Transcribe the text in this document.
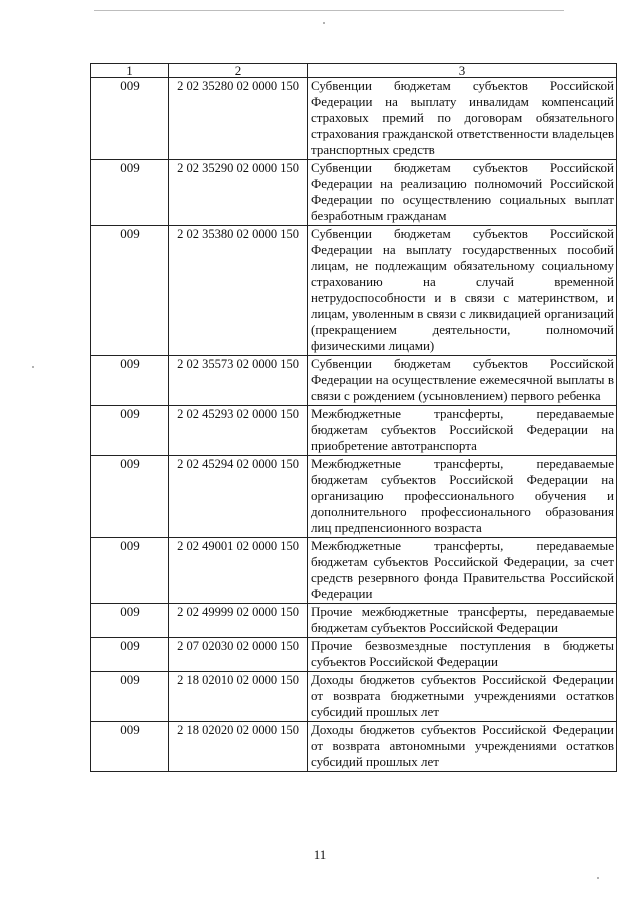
1	2	3
009	2 02 35280 02 0000 150	Субвенции бюджетам субъектов Российской Федерации на выплату инвалидам компенсаций страховых премий по договорам обязательного страхования гражданской ответственности владельцев транспортных средств
009	2 02 35290 02 0000 150	Субвенции бюджетам субъектов Российской Федерации на реализацию полномочий Российской Федерации по осуществлению социальных выплат безработным гражданам
009	2 02 35380 02 0000 150	Субвенции бюджетам субъектов Российской Федерации на выплату государственных пособий лицам, не подлежащим обязательному социальному страхованию на случай временной нетрудоспособности и в связи с материнством, и лицам, уволенным в связи с ликвидацией организаций (прекращением деятельности, полномочий физическими лицами)
009	2 02 35573 02 0000 150	Субвенции бюджетам субъектов Российской Федерации на осуществление ежемесячной выплаты в связи с рождением (усыновлением) первого ребенка
009	2 02 45293 02 0000 150	Межбюджетные трансферты, передаваемые бюджетам субъектов Российской Федерации на приобретение автотранспорта
009	2 02 45294 02 0000 150	Межбюджетные трансферты, передаваемые бюджетам субъектов Российской Федерации на организацию профессионального обучения и дополнительного профессионального образования лиц предпенсионного возраста
009	2 02 49001 02 0000 150	Межбюджетные трансферты, передаваемые бюджетам субъектов Российской Федерации, за счет средств резервного фонда Правительства Российской Федерации
009	2 02 49999 02 0000 150	Прочие межбюджетные трансферты, передаваемые бюджетам субъектов Российской Федерации
009	2 07 02030 02 0000 150	Прочие безвозмездные поступления в бюджеты субъектов Российской Федерации
009	2 18 02010 02 0000 150	Доходы бюджетов субъектов Российской Федерации от возврата бюджетными учреждениями остатков субсидий прошлых лет
009	2 18 02020 02 0000 150	Доходы бюджетов субъектов Российской Федерации от возврата автономными учреждениями остатков субсидий прошлых лет
11
